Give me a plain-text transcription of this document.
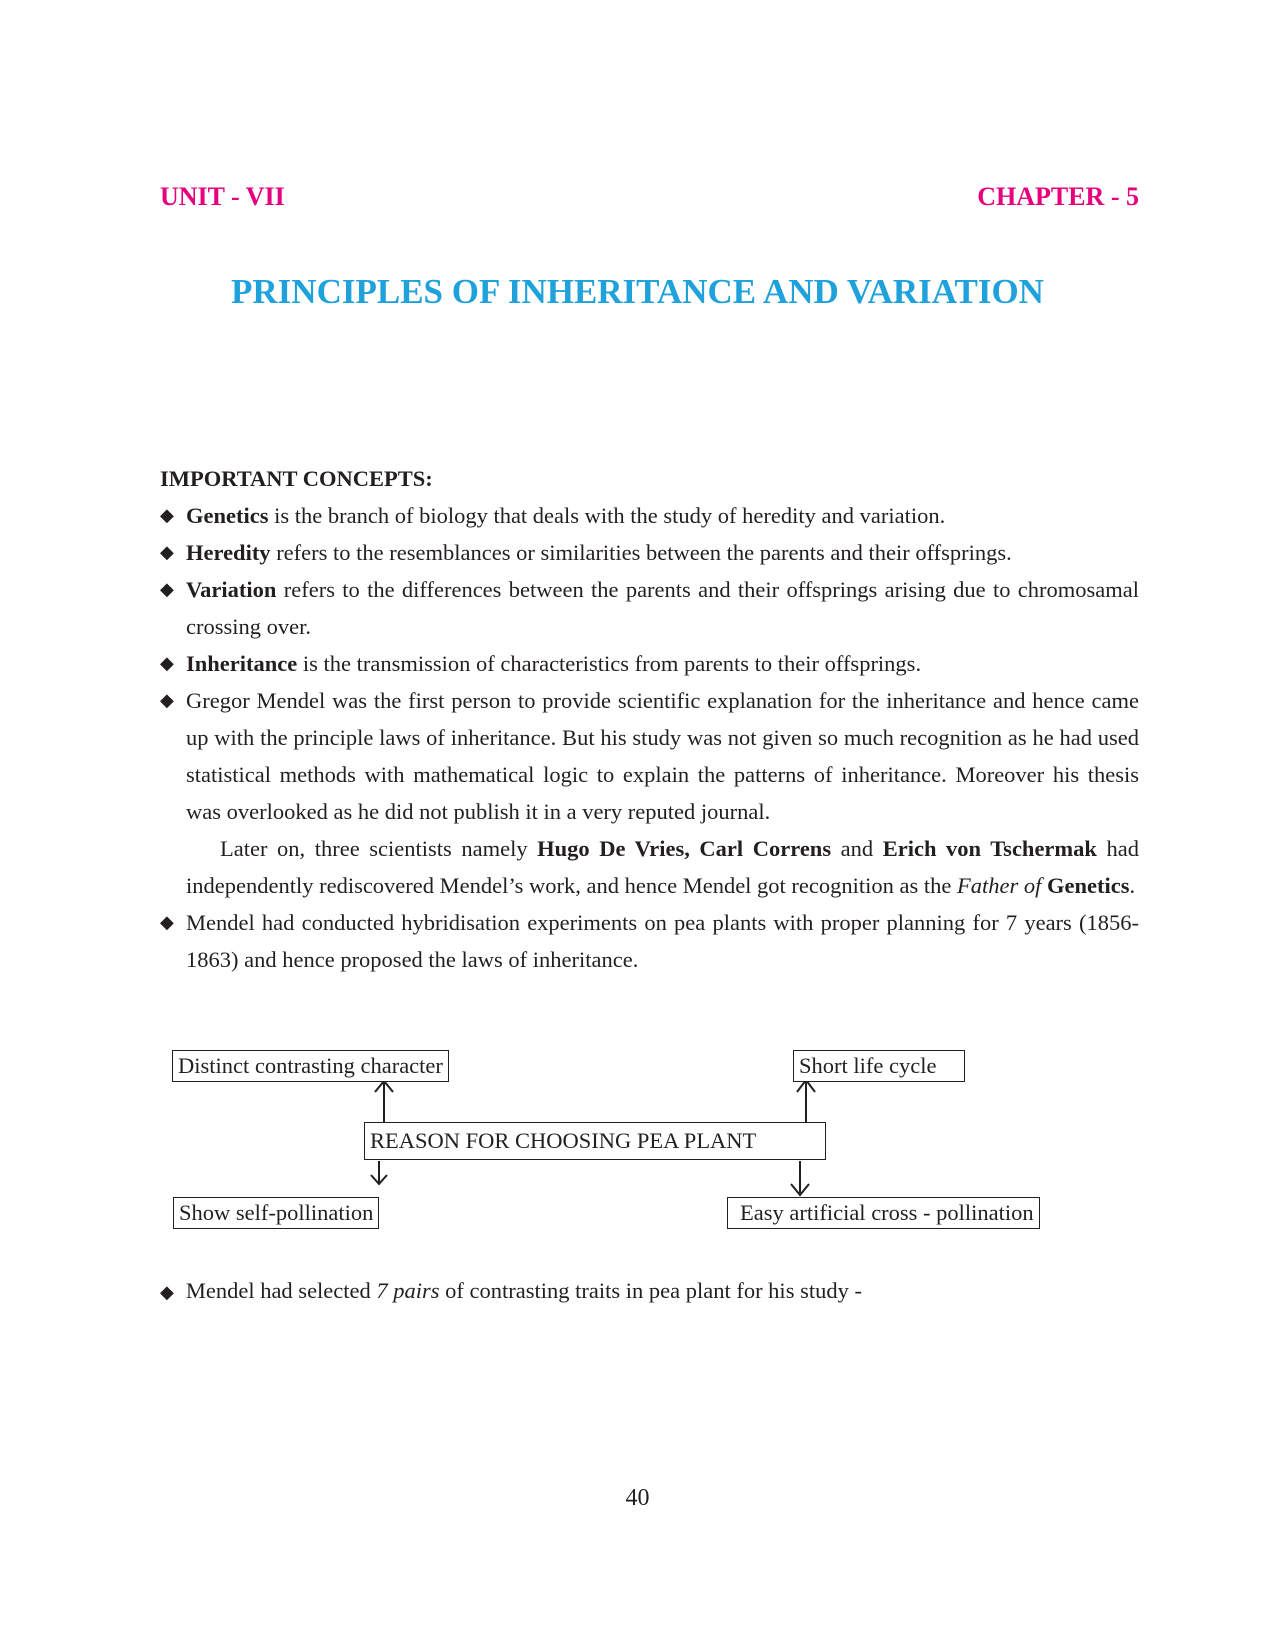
UNIT - VII	CHAPTER - 5
PRINCIPLES OF INHERITANCE AND VARIATION
IMPORTANT CONCEPTS:
◆ Genetics is the branch of biology that deals with the study of heredity and variation.
◆ Heredity refers to the resemblances or similarities between the parents and their offsprings.
◆ Variation refers to the differences between the parents and their offsprings arising due to chromosamal crossing over.
◆ Inheritance is the transmission of characteristics from parents to their offsprings.
◆ Gregor Mendel was the first person to provide scientific explanation for the inheritance and hence came up with the principle laws of inheritance. But his study was not given so much recognition as he had used statistical methods with mathematical logic to explain the patterns of inheritance. Moreover his thesis was overlooked as he did not publish it in a very reputed journal.
Later on, three scientists namely Hugo De Vries, Carl Correns and Erich von Tschermak had independently rediscovered Mendel’s work, and hence Mendel got recognition as the Father of Genetics.
◆ Mendel had conducted hybridisation experiments on pea plants with proper planning for 7 years (1856-1863) and hence proposed the laws of inheritance.
Distinct contrasting character	Short life cycle
REASON FOR CHOOSING PEA PLANT
Show self-pollination	Easy artificial cross - pollination
◆ Mendel had selected 7 pairs of contrasting traits in pea plant for his study -
40
